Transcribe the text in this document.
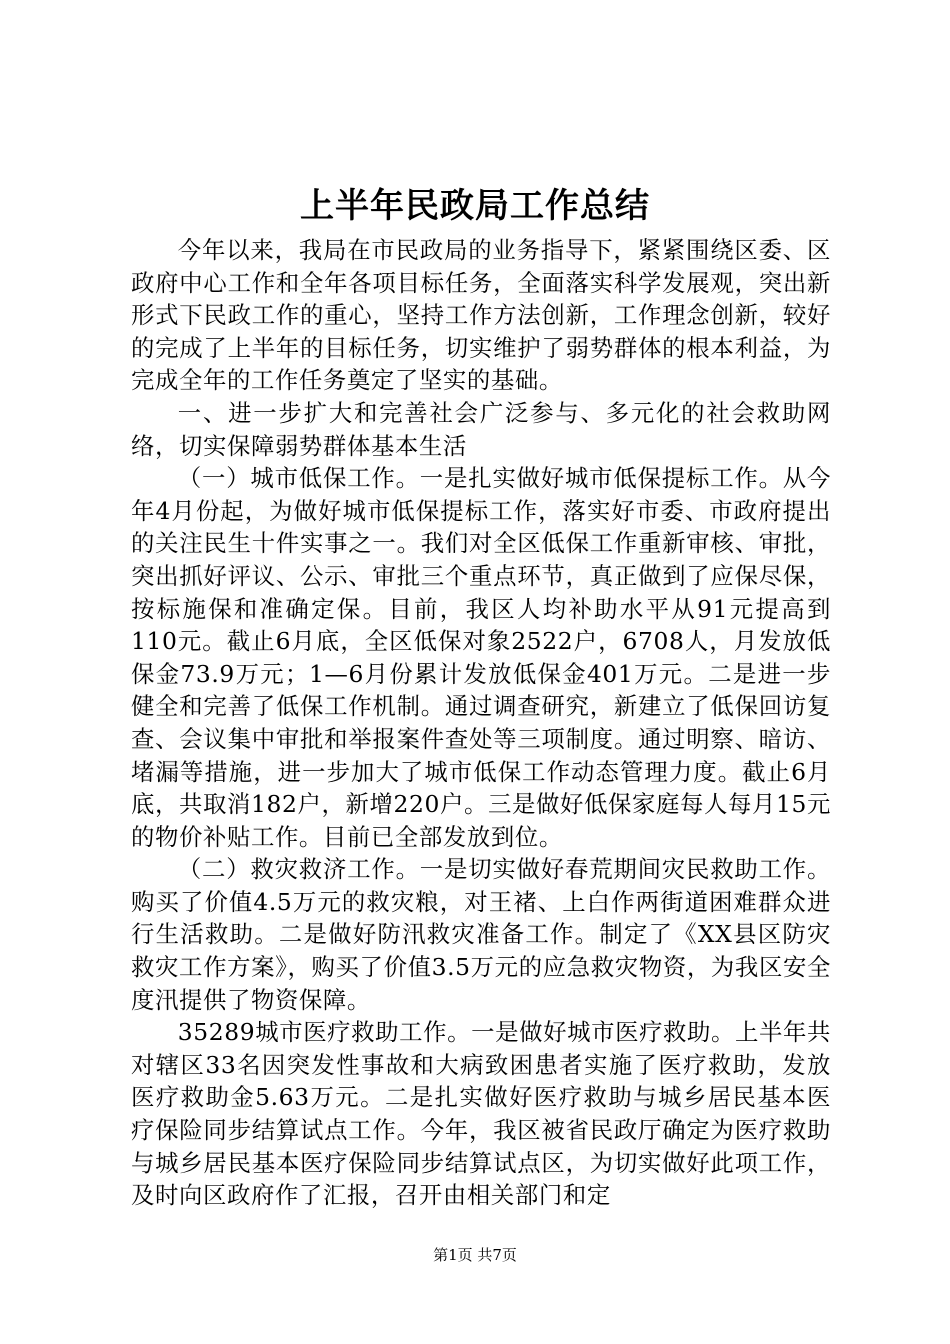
上半年民政局工作总结

今年以来，我局在市民政局的业务指导下，紧紧围绕区委、区政府中心工作和全年各项目标任务，全面落实科学发展观，突出新形式下民政工作的重心，坚持工作方法创新，工作理念创新，较好的完成了上半年的目标任务，切实维护了弱势群体的根本利益，为完成全年的工作任务奠定了坚实的基础。

一、进一步扩大和完善社会广泛参与、多元化的社会救助网络，切实保障弱势群体基本生活

（一）城市低保工作。一是扎实做好城市低保提标工作。从今年4月份起，为做好城市低保提标工作，落实好市委、市政府提出的关注民生十件实事之一。我们对全区低保工作重新审核、审批，突出抓好评议、公示、审批三个重点环节，真正做到了应保尽保，按标施保和准确定保。目前，我区人均补助水平从91元提高到110元。截止6月底，全区低保对象2522户，6708人，月发放低保金73.9万元；1—6月份累计发放低保金401万元。二是进一步健全和完善了低保工作机制。通过调查研究，新建立了低保回访复查、会议集中审批和举报案件查处等三项制度。通过明察、暗访、堵漏等措施，进一步加大了城市低保工作动态管理力度。截止6月底，共取消182户，新增220户。三是做好低保家庭每人每月15元的物价补贴工作。目前已全部发放到位。

（二）救灾救济工作。一是切实做好春荒期间灾民救助工作。购买了价值4.5万元的救灾粮，对王褚、上白作两街道困难群众进行生活救助。二是做好防汛救灾准备工作。制定了《XX县区防灾救灾工作方案》，购买了价值3.5万元的应急救灾物资，为我区安全度汛提供了物资保障。

35289城市医疗救助工作。一是做好城市医疗救助。上半年共对辖区33名因突发性事故和大病致困患者实施了医疗救助，发放医疗救助金5.63万元。二是扎实做好医疗救助与城乡居民基本医疗保险同步结算试点工作。今年，我区被省民政厅确定为医疗救助与城乡居民基本医疗保险同步结算试点区，为切实做好此项工作，及时向区政府作了汇报，召开由相关部门和定

第1页 共7页
